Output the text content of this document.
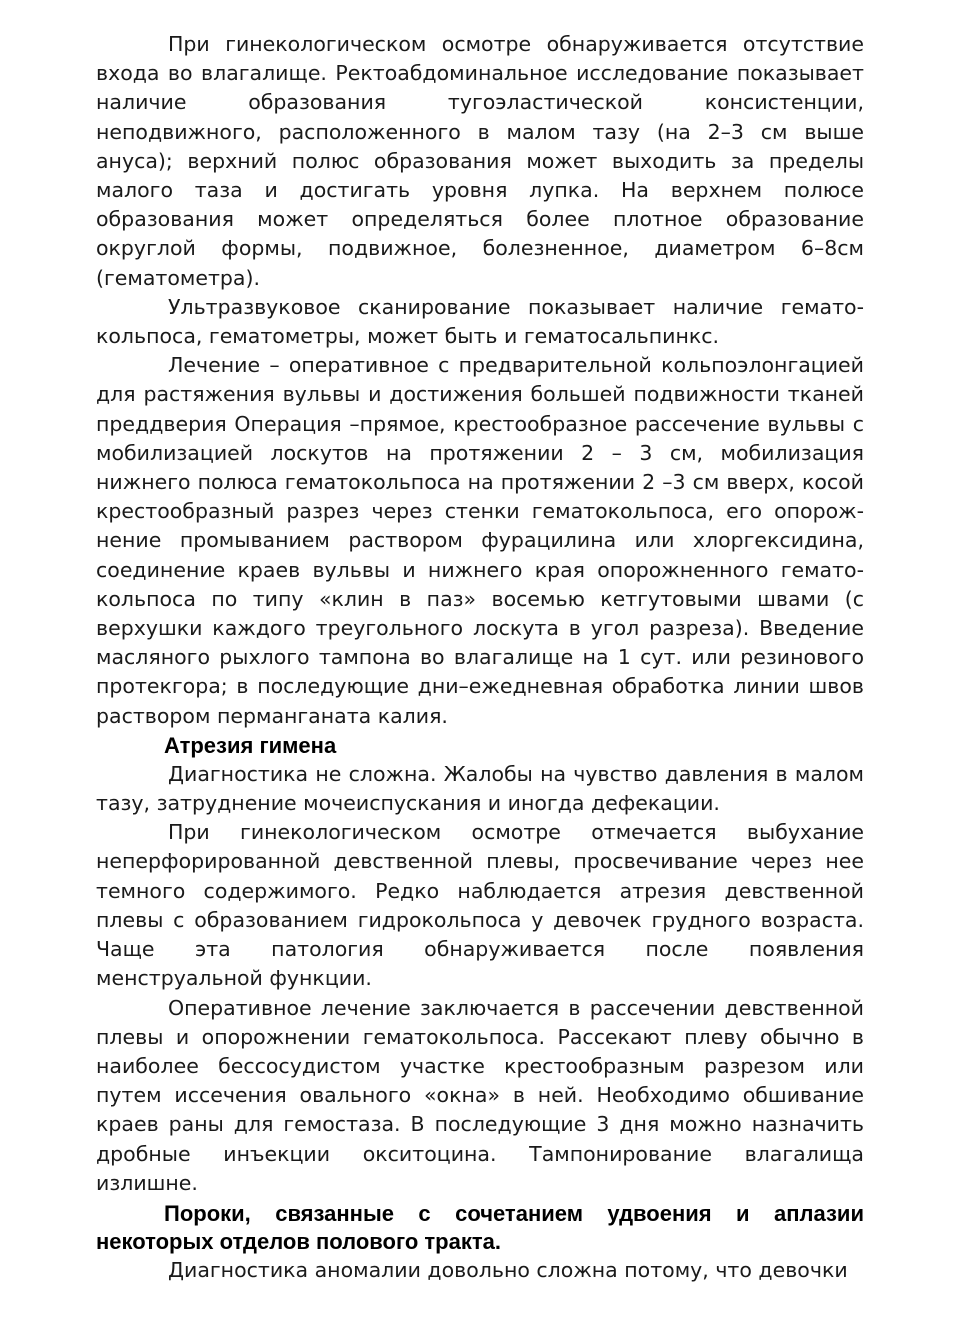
При гинекологическом осмотре обнаруживается отсутствие входа во влагалище. Ректоабдоминальное исследование показывает наличие образования тугоэластической консистенции, неподвижного, расположенного в малом тазу (на 2–3 см выше ануса); верхний полюс образования может выходить за пределы малого таза и достигать уровня лупка. На верхнем полюсе образования может определяться более плотное образование округлой формы, подвижное, болезненное, диаметром 6–8см (гематометра).

Ультразвуковое сканирование показывает наличие гемато- кольпоса, гематометры, может быть и гематосальпинкс.

Лечение – оперативное с предварительной кольпоэлонгацией для растяжения вульвы и достижения большей подвижности тканей преддверия Операция –прямое, крестообразное рассечение вульвы с мобилизацией лоскутов на протяжении 2 – 3 см, мобилизация нижнего полюса гематокольпоса на протяжении 2 –3 см вверх, косой крестообразный разрез через стенки гематокольпоса, его опорож- нение промыванием раствором фурацилина или хлоргексидина, соединение краев вульвы и нижнего края опорожненного гемато- кольпоса по типу «клин в паз» восемью кетгутовыми швами (с верхушки каждого треугольного лоскута в угол разреза). Введение масляного рыхлого тампона во влагалище на 1 сут. или резинового протекгора; в последующие дни–ежедневная обработка линии швов раствором перманганата калия.

Атрезия гимена

Диагностика не сложна. Жалобы на чувство давления в малом тазу, затруднение мочеиспускания и иногда дефекации.

При гинекологическом осмотре отмечается выбухание неперфорированной девственной плевы, просвечивание через нее темного содержимого. Редко наблюдается атрезия девственной плевы с образованием гидрокольпоса у девочек грудного возраста. Чаще эта патология обнаруживается после появления менструальной функции.

Оперативное лечение заключается в рассечении девственной плевы и опорожнении гематокольпоса. Рассекают плеву обычно в наиболее бессосудистом участке крестообразным разрезом или путем иссечения овального «окна» в ней. Необходимо обшивание краев раны для гемостаза. В последующие 3 дня можно назначить дробные инъекции окситоцина. Тампонирование влагалища излишне.

Пороки, связанные с сочетанием удвоения и аплазии некоторых отделов полового тракта.

Диагностика аномалии довольно сложна потому, что девочки
